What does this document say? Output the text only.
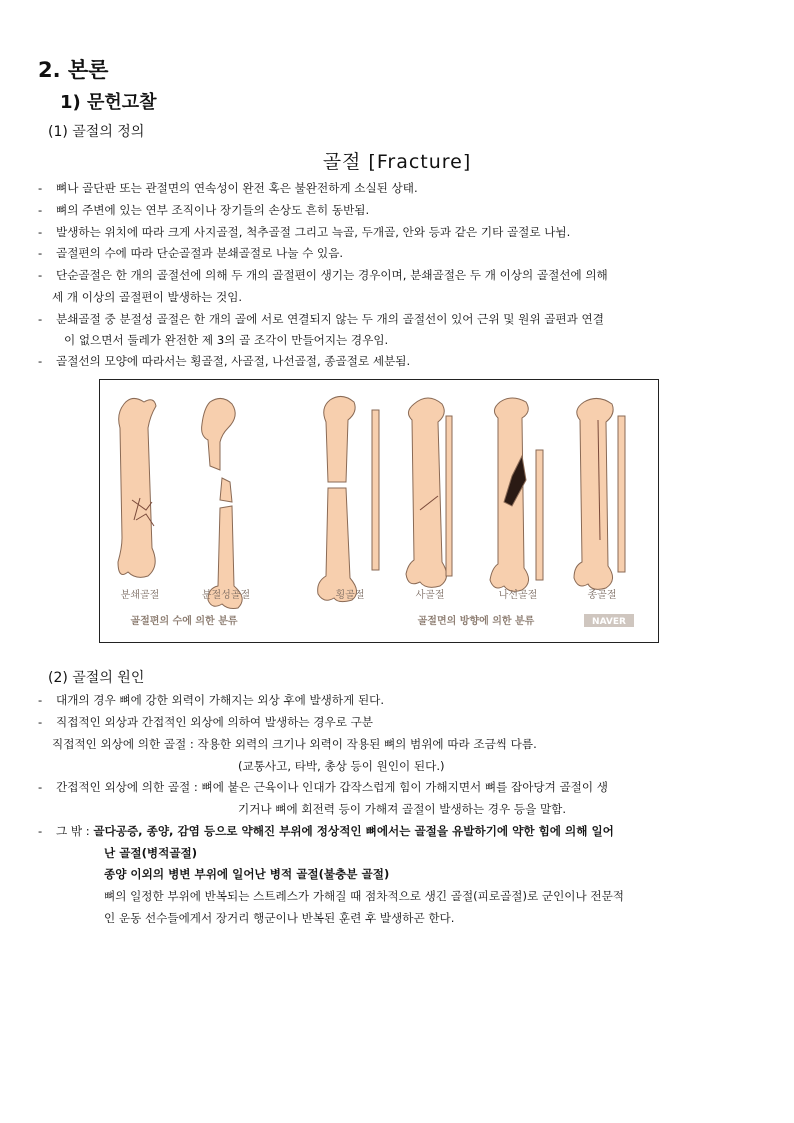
2. 본론
1) 문헌고찰
(1) 골절의 정의
골절 [Fracture]
- 뼈나 골단판 또는 관절면의 연속성이 완전 혹은 불완전하게 소실된 상태.
- 뼈의 주변에 있는 연부 조직이나 장기들의 손상도 흔히 동반됨.
- 발생하는 위치에 따라 크게 사지골절, 척추골절 그리고 늑골, 두개골, 안와 등과 같은 기타 골절로 나뉨.
- 골절편의 수에 따라 단순골절과 분쇄골절로 나눌 수 있음.
- 단순골절은 한 개의 골절선에 의해 두 개의 골절편이 생기는 경우이며, 분쇄골절은 두 개 이상의 골절선에 의해
세 개 이상의 골절편이 발생하는 것임.
- 분쇄골절 중 분절성 골절은 한 개의 골에 서로 연결되지 않는 두 개의 골절선이 있어 근위 및 원위 골편과 연결
이 없으면서 둘레가 완전한 제 3의 골 조각이 만들어지는 경우임.
- 골절선의 모양에 따라서는 횡골절, 사골절, 나선골절, 종골절로 세분됨.
분쇄골절	분절성골절	횡골절	사골절	나선골절	종골절
골절편의 수에 의한 분류	골절면의 방향에 의한 분류	NAVER
(2) 골절의 원인
- 대개의 경우 뼈에 강한 외력이 가해지는 외상 후에 발생하게 된다.
- 직접적인 외상과 간접적인 외상에 의하여 발생하는 경우로 구분
직접적인 외상에 의한 골절 : 작용한 외력의 크기나 외력이 작용된 뼈의 범위에 따라 조금씩 다름.
(교통사고, 타박, 총상 등이 원인이 된다.)
- 간접적인 외상에 의한 골절 : 뼈에 붙은 근육이나 인대가 갑작스럽게 힘이 가해지면서 뼈를 잡아당겨 골절이 생
기거나 뼈에 회전력 등이 가해져 골절이 발생하는 경우 등을 말함.
- 그 밖 : 골다공증, 종양, 감염 등으로 약해진 부위에 정상적인 뼈에서는 골절을 유발하기에 약한 힘에 의해 일어
난 골절(병적골절)
종양 이외의 병변 부위에 일어난 병적 골절(불충분 골절)
뼈의 일정한 부위에 반복되는 스트레스가 가해질 때 점차적으로 생긴 골절(피로골절)로 군인이나 전문적
인 운동 선수들에게서 장거리 행군이나 반복된 훈련 후 발생하곤 한다.
